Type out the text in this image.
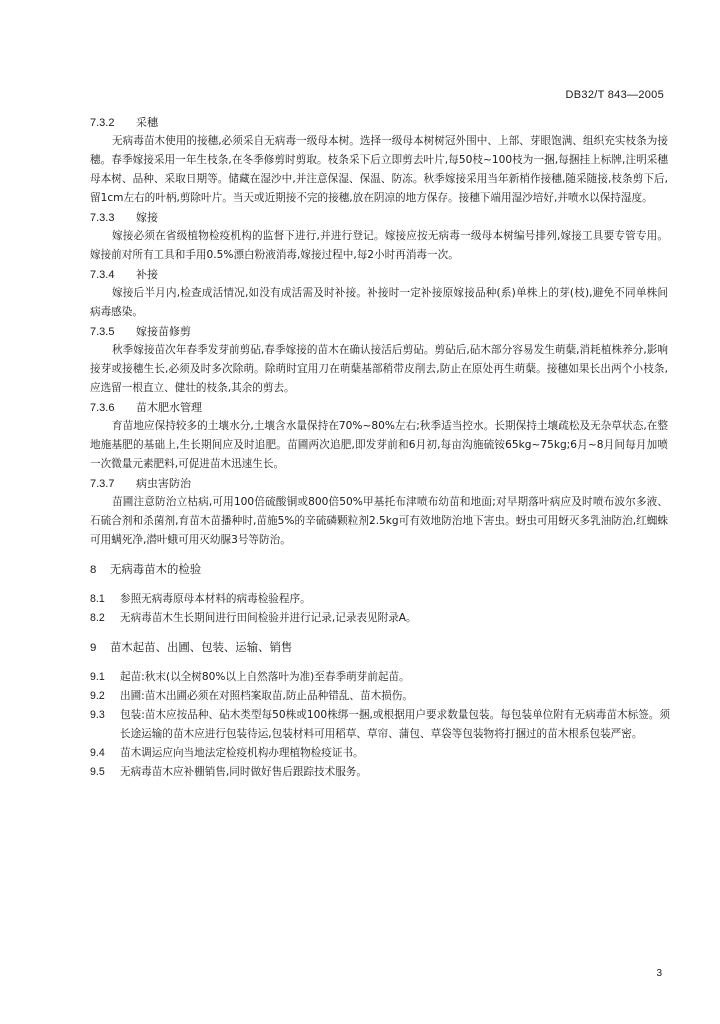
DB32/T 843—2005
7.3.2 采穗

无病毒苗木使用的接穗,必须采自无病毒一级母本树。选择一级母本树树冠外围中、上部、芽眼饱满、组织充实枝条为接穗。春季嫁接采用一年生枝条,在冬季修剪时剪取。枝条采下后立即剪去叶片,每50枝~100枝为一捆,每捆挂上标牌,注明采穗母本树、品种、采取日期等。储藏在湿沙中,并注意保湿、保温、防冻。秋季嫁接采用当年新梢作接穗,随采随接,枝条剪下后,留1cm左右的叶柄,剪除叶片。当天或近期接不完的接穗,放在阴凉的地方保存。接穗下端用湿沙培好,并喷水以保持湿度。

7.3.3 嫁接

嫁接必须在省级植物检疫机构的监督下进行,并进行登记。嫁接应按无病毒一级母本树编号排列,嫁接工具要专管专用。嫁接前对所有工具和手用0.5%漂白粉液消毒,嫁接过程中,每2小时再消毒一次。

7.3.4 补接

嫁接后半月内,检查成活情况,如没有成活需及时补接。补接时一定补接原嫁接品种(系)单株上的芽(枝),避免不同单株间病毒感染。

7.3.5 嫁接苗修剪

秋季嫁接苗次年春季发芽前剪砧,春季嫁接的苗木在确认接活后剪砧。剪砧后,砧木部分容易发生萌蘖,消耗植株养分,影响接芽或接穗生长,必须及时多次除萌。除萌时宜用刀在萌蘖基部稍带皮削去,防止在原处再生萌蘖。接穗如果长出两个小枝条,应选留一根直立、健壮的枝条,其余的剪去。

7.3.6 苗木肥水管理

育苗地应保持较多的土壤水分,土壤含水量保持在70%~80%左右;秋季适当控水。长期保持土壤疏松及无杂草状态,在整地施基肥的基础上,生长期间应及时追肥。苗圃两次追肥,即发芽前和6月初,每亩沟施硫铵65kg~75kg;6月~8月间每月加喷一次微量元素肥料,可促进苗木迅速生长。

7.3.7 病虫害防治

苗圃注意防治立枯病,可用100倍硫酸铜或800倍50%甲基托布津喷布幼苗和地面;对早期落叶病应及时喷布波尔多液、石硫合剂和杀菌剂,育苗木苗播种时,苗施5%的辛硫磷颗粒剂2.5kg可有效地防治地下害虫。蚜虫可用蚜灭多乳油防治,红蜘蛛可用螨死净,潜叶蛾可用灭幼脲3号等防治。

8 无病毒苗木的检验
8.1	参照无病毒原母本材料的病毒检验程序。
8.2	无病毒苗木生长期间进行田间检验并进行记录,记录表见附录A。
9 苗木起苗、出圃、包装、运输、销售
9.1	起苗:秋末(以全树80%以上自然落叶为准)至春季萌芽前起苗。
9.2	出圃:苗木出圃必须在对照档案取苗,防止品种错乱、苗木损伤。
9.3	包装:苗木应按品种、砧木类型每50株或100株绑一捆,或根据用户要求数量包装。每包装单位附有无病毒苗木标签。须长途运输的苗木应进行包装待运,包装材料可用稻草、草帘、蒲包、草袋等包装物将打捆过的苗木根系包装严密。
9.4	苗木调运应向当地法定检疫机构办理植物检疫证书。
9.5	无病毒苗木应补棚销售,同时做好售后跟踪技术服务。
3
